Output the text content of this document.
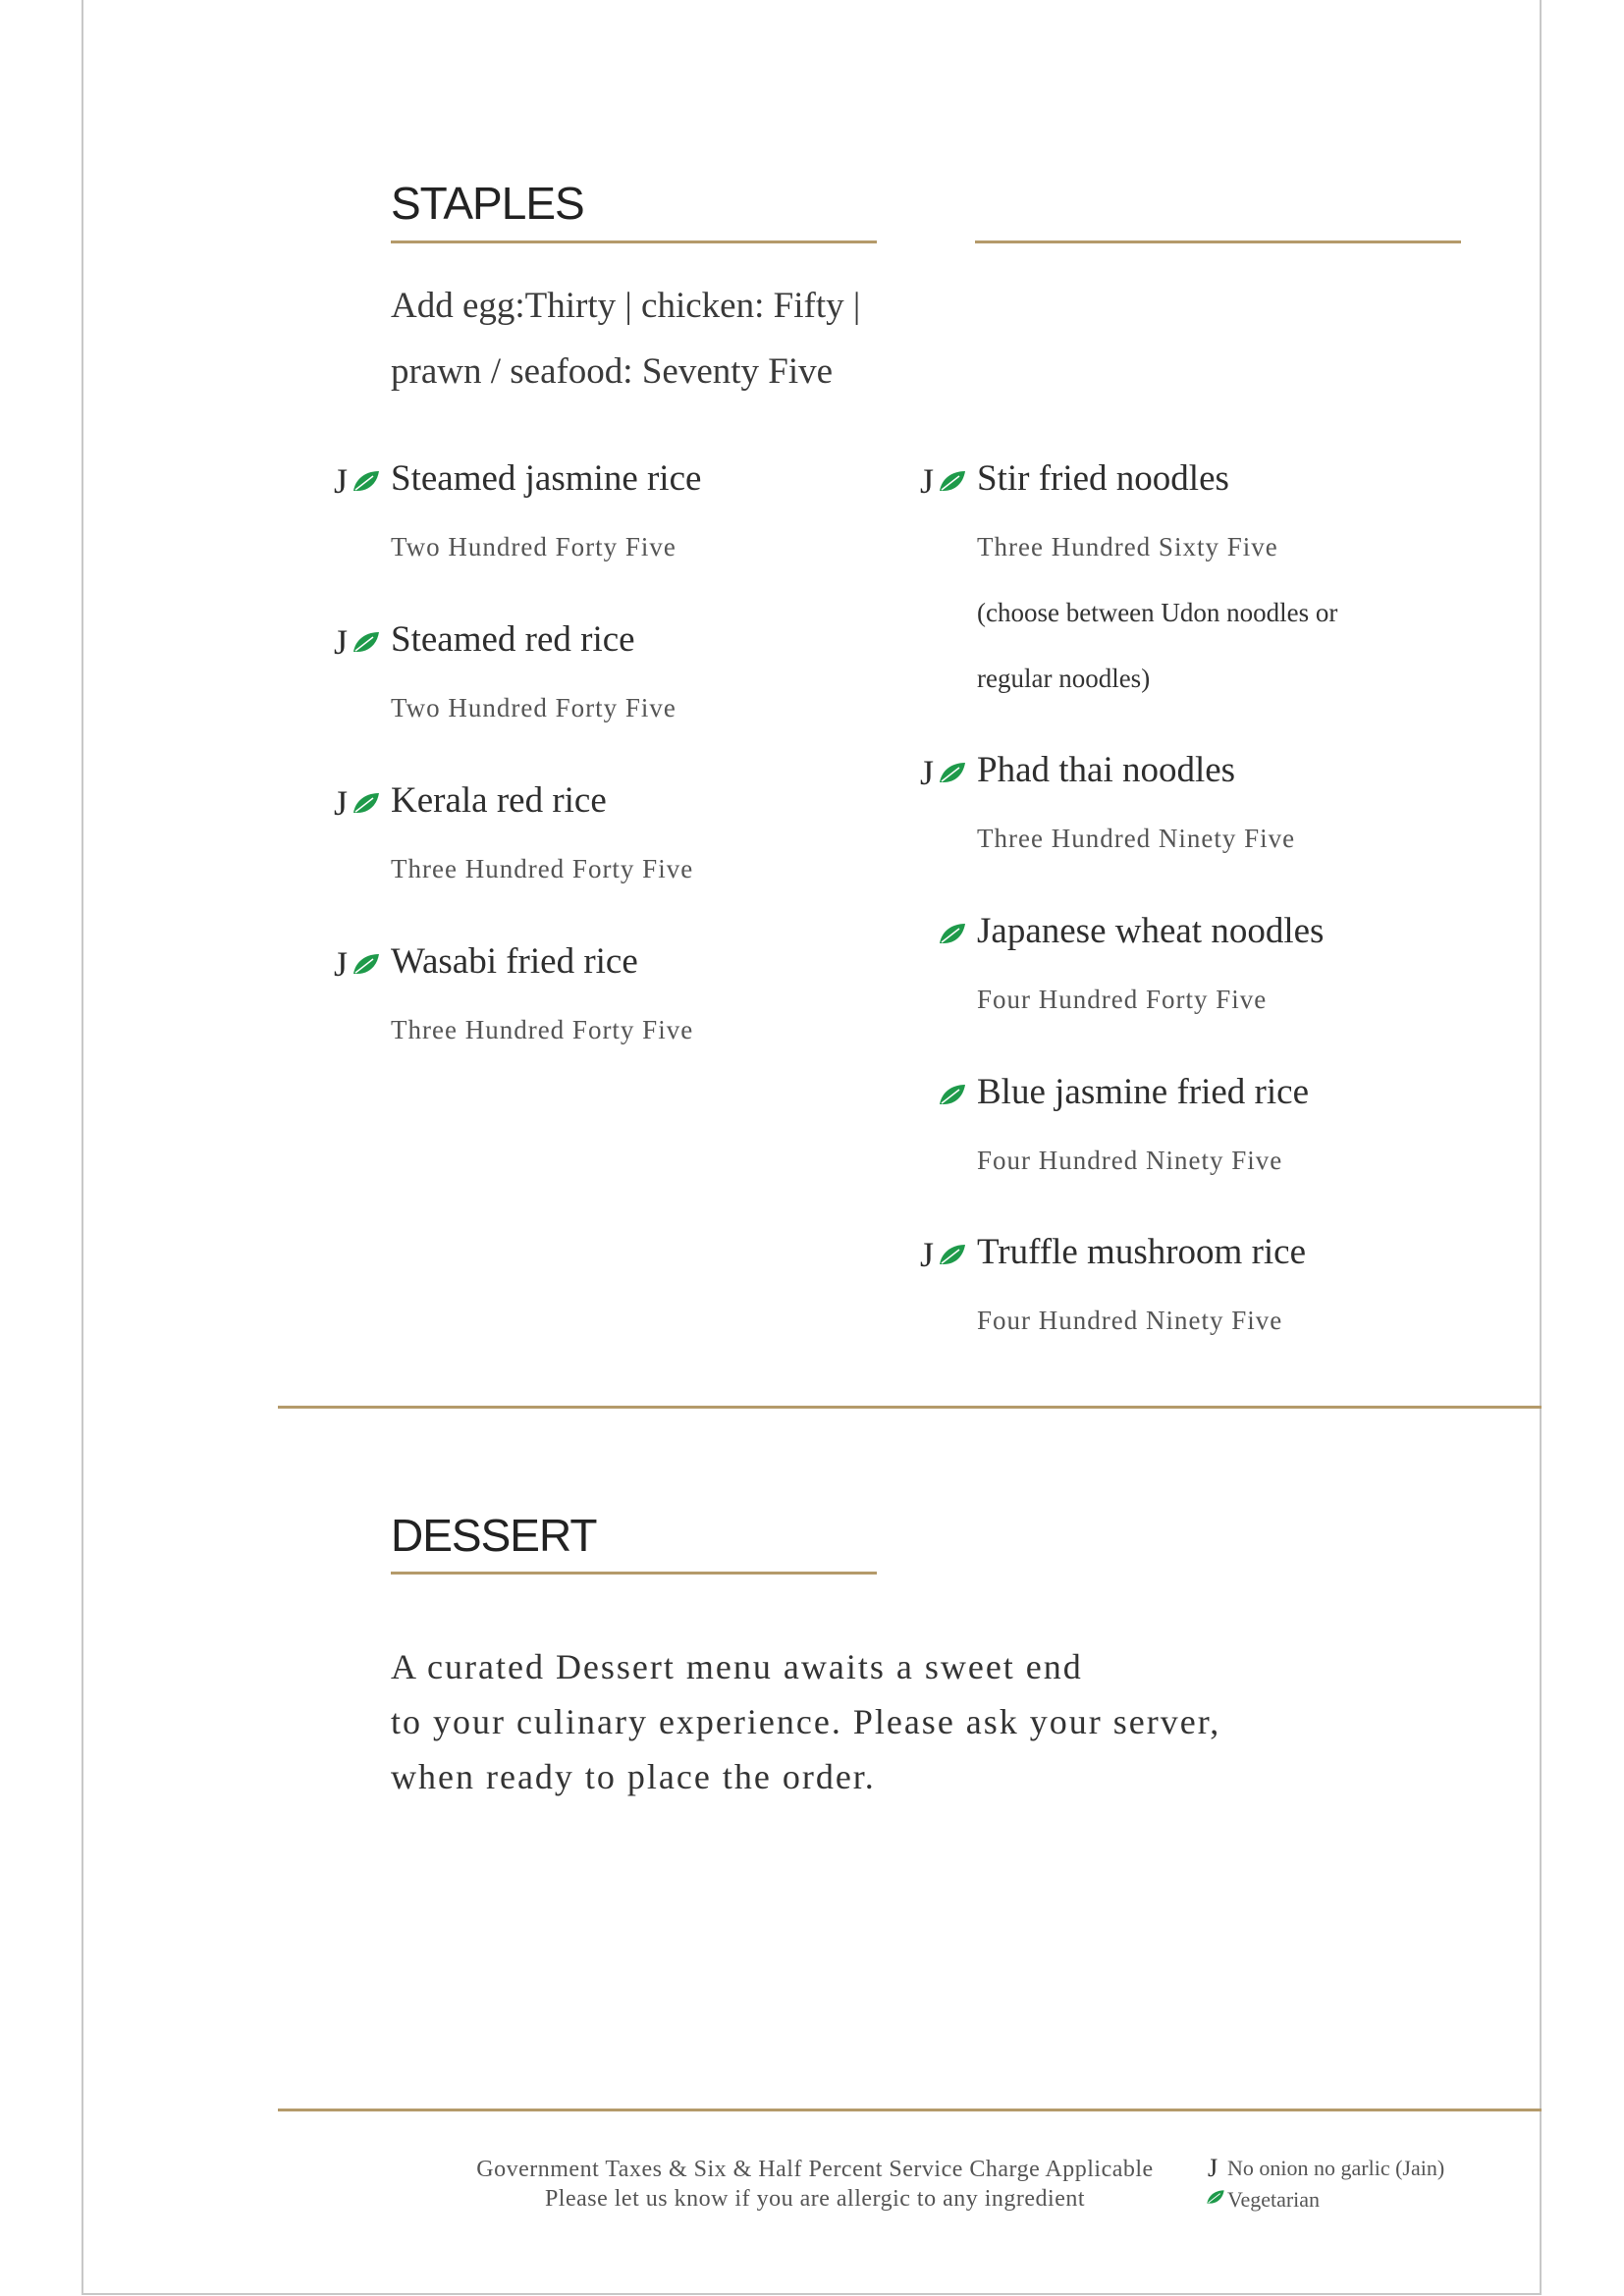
STAPLES
Add egg:Thirty | chicken: Fifty |
prawn / seafood: Seventy Five
J Steamed jasmine rice
Two Hundred Forty Five
J Steamed red rice
Two Hundred Forty Five
J Kerala red rice
Three Hundred Forty Five
J Wasabi fried rice
Three Hundred Forty Five
J Stir fried noodles
Three Hundred Sixty Five
(choose between Udon noodles or
regular noodles)
J Phad thai noodles
Three Hundred Ninety Five
Japanese wheat noodles
Four Hundred Forty Five
Blue jasmine fried rice
Four Hundred Ninety Five
J Truffle mushroom rice
Four Hundred Ninety Five
DESSERT
A curated Dessert menu awaits a sweet end
to your culinary experience. Please ask your server,
when ready to place the order.
Government Taxes & Six & Half Percent Service Charge Applicable
Please let us know if you are allergic to any ingredient
J No onion no garlic (Jain)
Vegetarian
